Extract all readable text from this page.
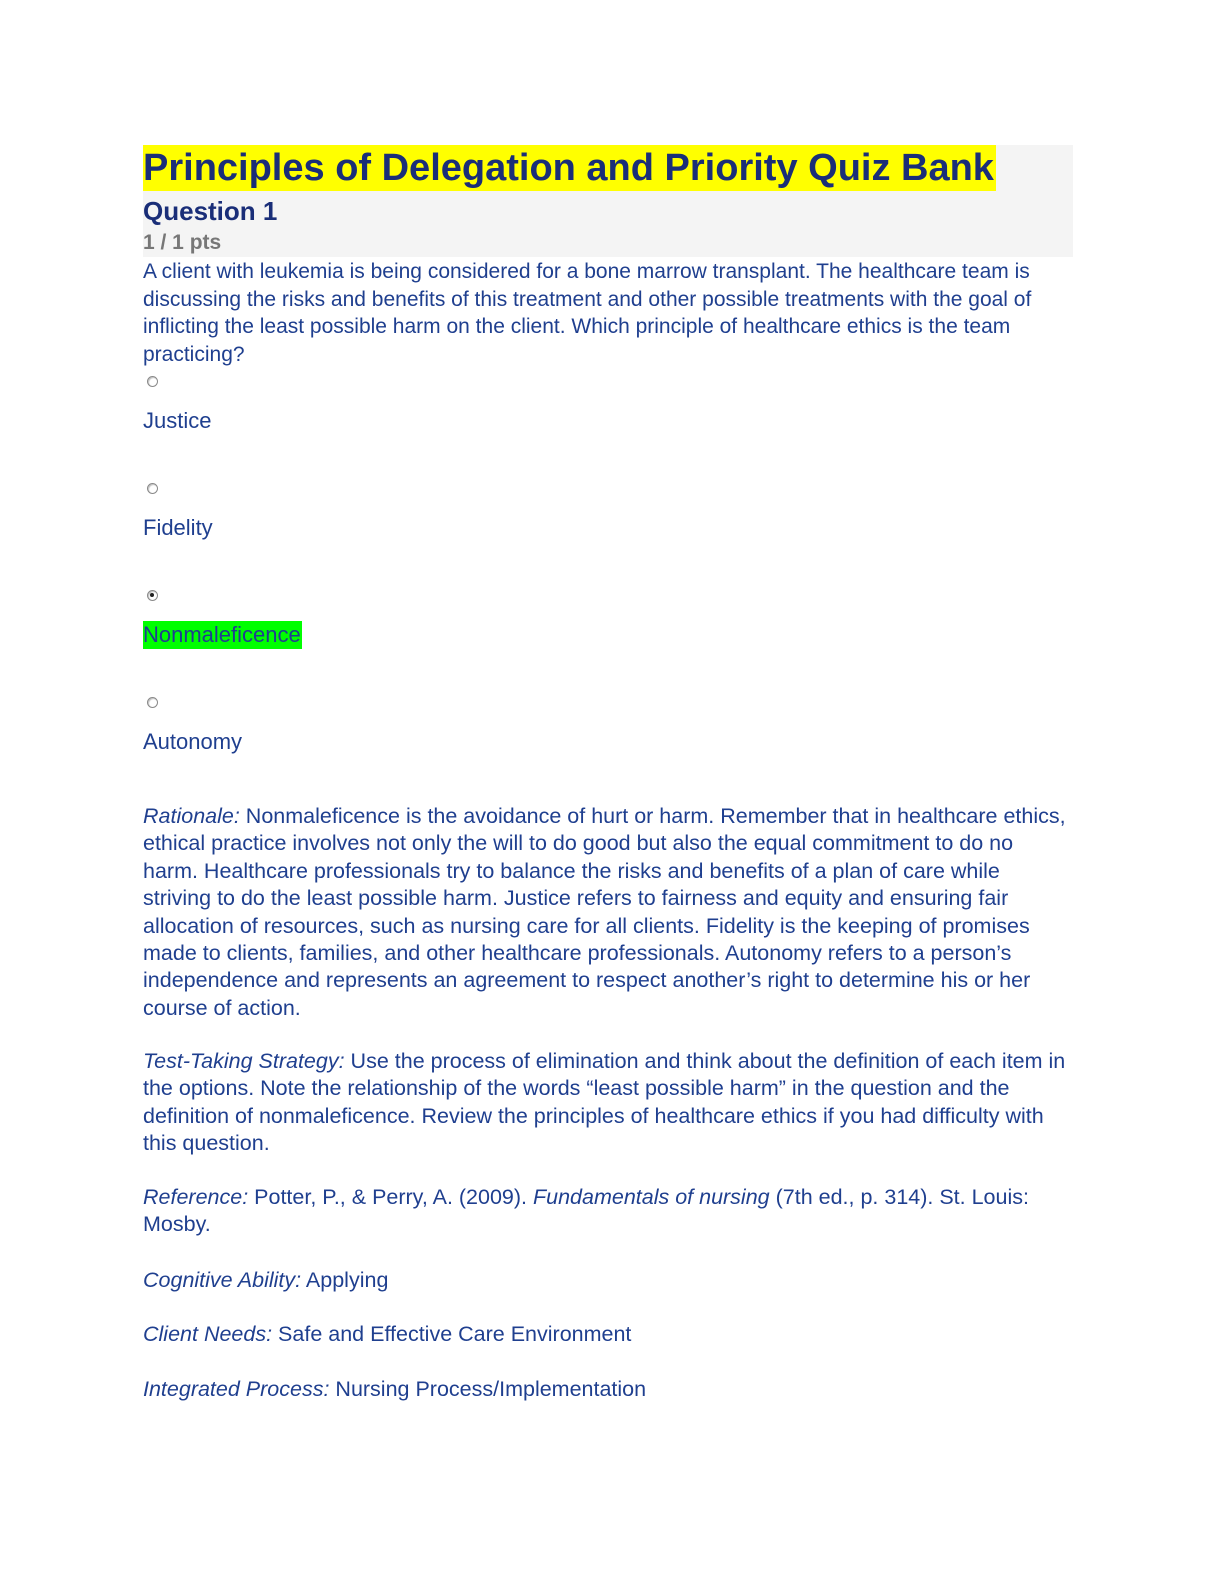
Principles of Delegation and Priority Quiz Bank
Question 1
1 / 1 pts

A client with leukemia is being considered for a bone marrow transplant. The healthcare team is discussing the risks and benefits of this treatment and other possible treatments with the goal of inflicting the least possible harm on the client. Which principle of healthcare ethics is the team practicing?

Justice
Fidelity
Nonmaleficence
Autonomy

Rationale: Nonmaleficence is the avoidance of hurt or harm. Remember that in healthcare ethics, ethical practice involves not only the will to do good but also the equal commitment to do no harm. Healthcare professionals try to balance the risks and benefits of a plan of care while striving to do the least possible harm. Justice refers to fairness and equity and ensuring fair allocation of resources, such as nursing care for all clients. Fidelity is the keeping of promises made to clients, families, and other healthcare professionals. Autonomy refers to a person’s independence and represents an agreement to respect another’s right to determine his or her course of action.

Test-Taking Strategy: Use the process of elimination and think about the definition of each item in the options. Note the relationship of the words “least possible harm” in the question and the definition of nonmaleficence. Review the principles of healthcare ethics if you had difficulty with this question.

Reference: Potter, P., & Perry, A. (2009). Fundamentals of nursing (7th ed., p. 314). St. Louis: Mosby.

Cognitive Ability: Applying

Client Needs: Safe and Effective Care Environment

Integrated Process: Nursing Process/Implementation
